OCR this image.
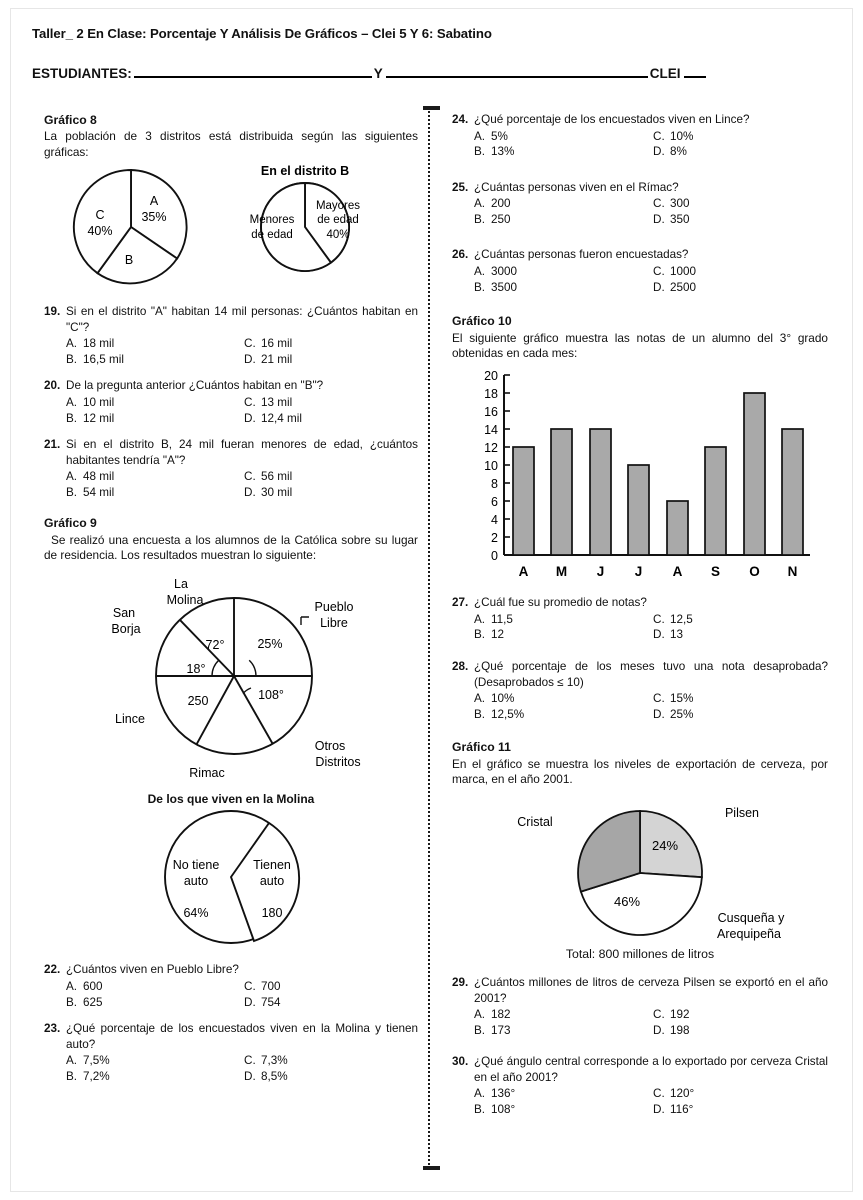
Taller_ 2 En Clase: Porcentaje Y Análisis De Gráficos – Clei 5 Y 6: Sabatino
ESTUDIANTES:	Y	CLEI
Gráfico 8
La población de 3 distritos está distribuida según las siguientes gráficas:
A
35%
B
C
40%
En el distrito B
Mayores
de edad
40%
Menores
de edad
19. Si en el distrito "A" habitan 14 mil personas: ¿Cuántos habitan en "C"?
A. 18 mil	C. 16 mil
B. 16,5 mil	D. 21 mil
20. De la pregunta anterior ¿Cuántos habitan en "B"?
A. 10 mil	C. 13 mil
B. 12 mil	D. 12,4 mil
21. Si en el distrito B, 24 mil fueran menores de edad, ¿cuántos habitantes tendría "A"?
A. 48 mil	C. 56 mil
B. 54 mil	D. 30 mil
Gráfico 9
Se realizó una encuesta a los alumnos de la Católica sobre su lugar de residencia. Los resultados muestran lo siguiente:
25%
72°
18°
250	108°
La
Molina
San
Borja
Lince
Rimac
Otros
Distritos
Pueblo
Libre
De los que viven en la Molina
No tiene
auto
64%
Tienen
auto
180
22. ¿Cuántos viven en Pueblo Libre?
A. 600	C. 700
B. 625	D. 754
23. ¿Qué porcentaje de los encuestados viven en la Molina y tienen auto?
A. 7,5%	C. 7,3%
B. 7,2%	D. 8,5%
24. ¿Qué porcentaje de los encuestados viven en Lince?
A. 5%	C. 10%
B. 13%	D. 8%
25. ¿Cuántas personas viven en el Rímac?
A. 200	C. 300
B. 250	D. 350
26. ¿Cuántas personas fueron encuestadas?
A. 3000	C. 1000
B. 3500	D. 2500
Gráfico 10
El siguiente gráfico muestra las notas de un alumno del 3° grado obtenidas en cada mes:
20
18
16
14
12
10
8
6
4
2
0
A M J J A S O N
27. ¿Cuál fue su promedio de notas?
A. 11,5	C. 12,5
B. 12	D. 13
28. ¿Qué porcentaje de los meses tuvo una nota desaprobada? (Desaprobados ≤ 10)
A. 10%	C. 15%
B. 12,5%	D. 25%
Gráfico 11
En el gráfico se muestra los niveles de exportación de cerveza, por marca, en el año 2001.
24%
46%
Cristal
Pilsen
Cusqueña y
Arequipeña
Total: 800 millones de litros
29. ¿Cuántos millones de litros de cerveza Pilsen se exportó en el año 2001?
A. 182	C. 192
B. 173	D. 198
30. ¿Qué ángulo central corresponde a lo exportado por cerveza Cristal en el año 2001?
A. 136°	C. 120°
B. 108°	D. 116°
